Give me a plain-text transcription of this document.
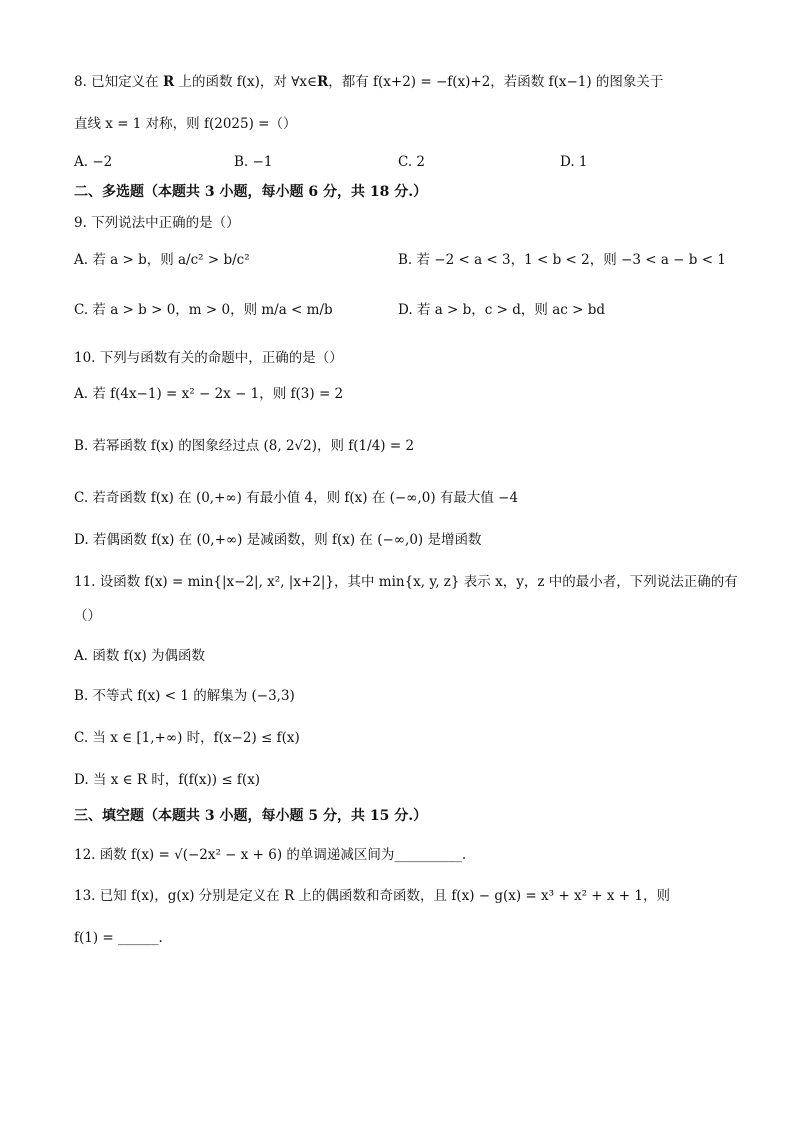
8. 已知定义在 R 上的函数 f(x)，对 ∀x∈R，都有 f(x+2) = −f(x)+2，若函数 f(x−1) 的图象关于
直线 x = 1 对称，则 f(2025) =（）
A. −2	B. −1	C. 2	D. 1
二、多选题（本题共 3 小题，每小题 6 分，共 18 分.）
9. 下列说法中正确的是（）
A. 若 a > b，则 a/c² > b/c²	B. 若 −2 < a < 3，1 < b < 2，则 −3 < a − b < 1
C. 若 a > b > 0，m > 0，则 m/a < m/b	D. 若 a > b，c > d，则 ac > bd
10. 下列与函数有关的命题中，正确的是（）
A. 若 f(4x−1) = x² − 2x − 1，则 f(3) = 2
B. 若幂函数 f(x) 的图象经过点 (8, 2√2)，则 f(1/4) = 2
C. 若奇函数 f(x) 在 (0,+∞) 有最小值 4，则 f(x) 在 (−∞,0) 有最大值 −4
D. 若偶函数 f(x) 在 (0,+∞) 是减函数，则 f(x) 在 (−∞,0) 是增函数
11. 设函数 f(x) = min{|x−2|, x², |x+2|}，其中 min{x, y, z} 表示 x，y，z 中的最小者，下列说法正确的有
（）
A. 函数 f(x) 为偶函数
B. 不等式 f(x) < 1 的解集为 (−3,3)
C. 当 x ∈ [1,+∞) 时，f(x−2) ≤ f(x)
D. 当 x ∈ R 时，f(f(x)) ≤ f(x)
三、填空题（本题共 3 小题，每小题 5 分，共 15 分.）
12. 函数 f(x) = √(−2x² − x + 6) 的单调递减区间为__________.
13. 已知 f(x)，g(x) 分别是定义在 R 上的偶函数和奇函数，且 f(x) − g(x) = x³ + x² + x + 1，则
f(1) = ______.
